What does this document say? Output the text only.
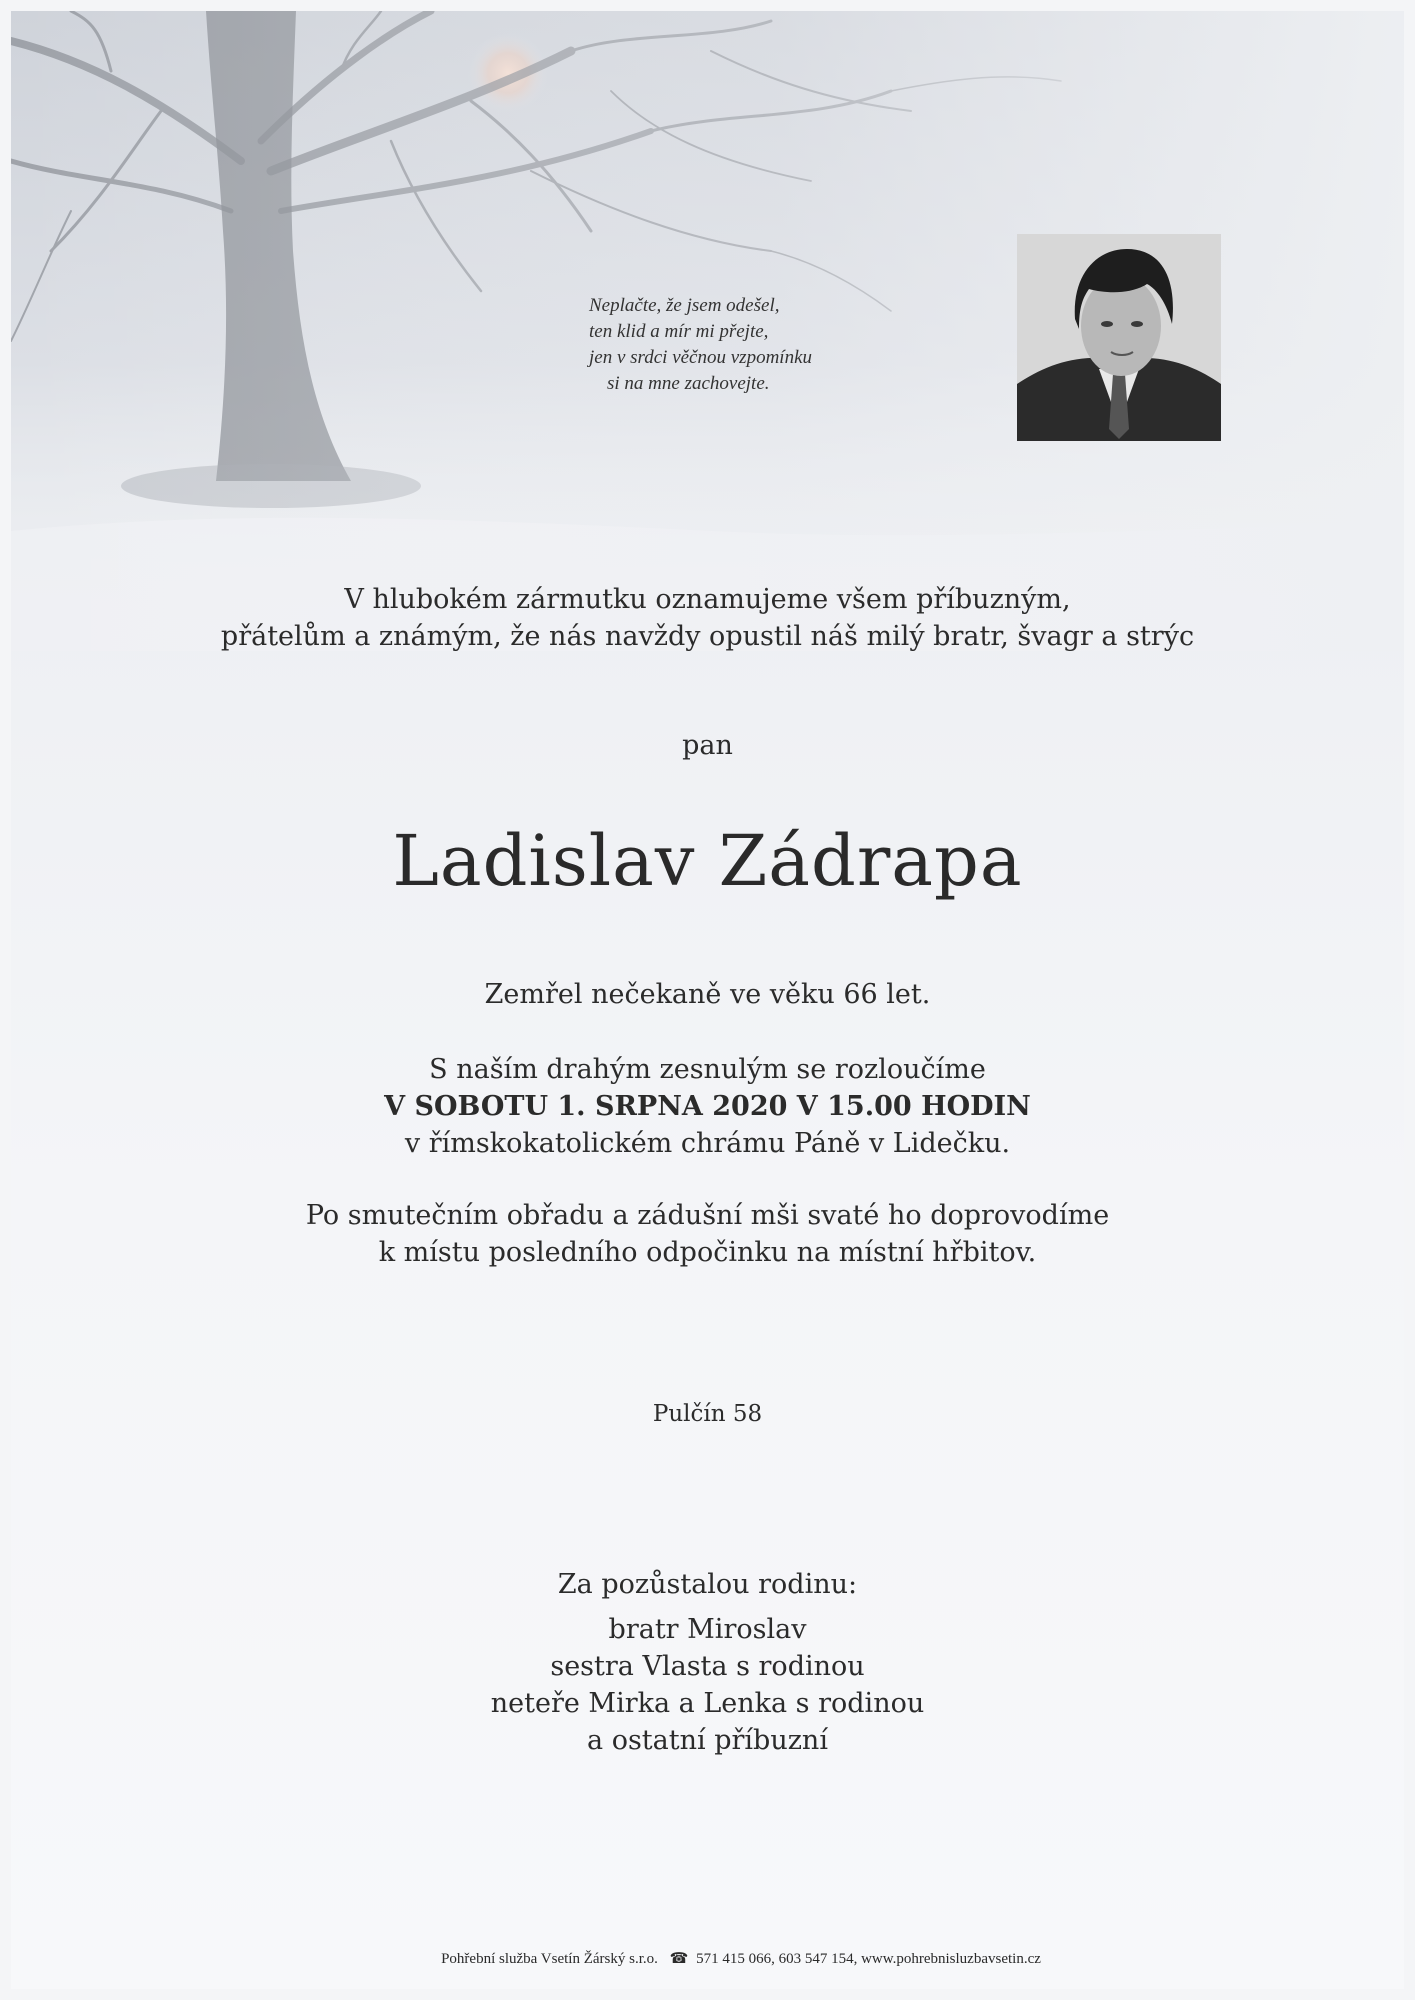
Neplačte, že jsem odešel,
ten klid a mír mi přejte,
jen v srdci věčnou vzpomínku
si na mne zachovejte.
V hlubokém zármutku oznamujeme všem příbuzným,
přátelům a známým, že nás navždy opustil náš milý bratr, švagr a strýc
pan
Ladislav Zádrapa
Zemřel nečekaně ve věku 66 let.
S naším drahým zesnulým se rozloučíme
V SOBOTU 1. SRPNA 2020 V 15.00 HODIN
v římskokatolickém chrámu Páně v Lidečku.
Po smutečním obřadu a zádušní mši svaté ho doprovodíme
k místu posledního odpočinku na místní hřbitov.
Pulčín 58
Za pozůstalou rodinu:
bratr Miroslav
sestra Vlasta s rodinou
neteře Mirka a Lenka s rodinou
a ostatní příbuzní
Pohřební služba Vsetín Žárský s.r.o. ☎ 571 415 066, 603 547 154, www.pohrebnisluzbavsetin.cz
